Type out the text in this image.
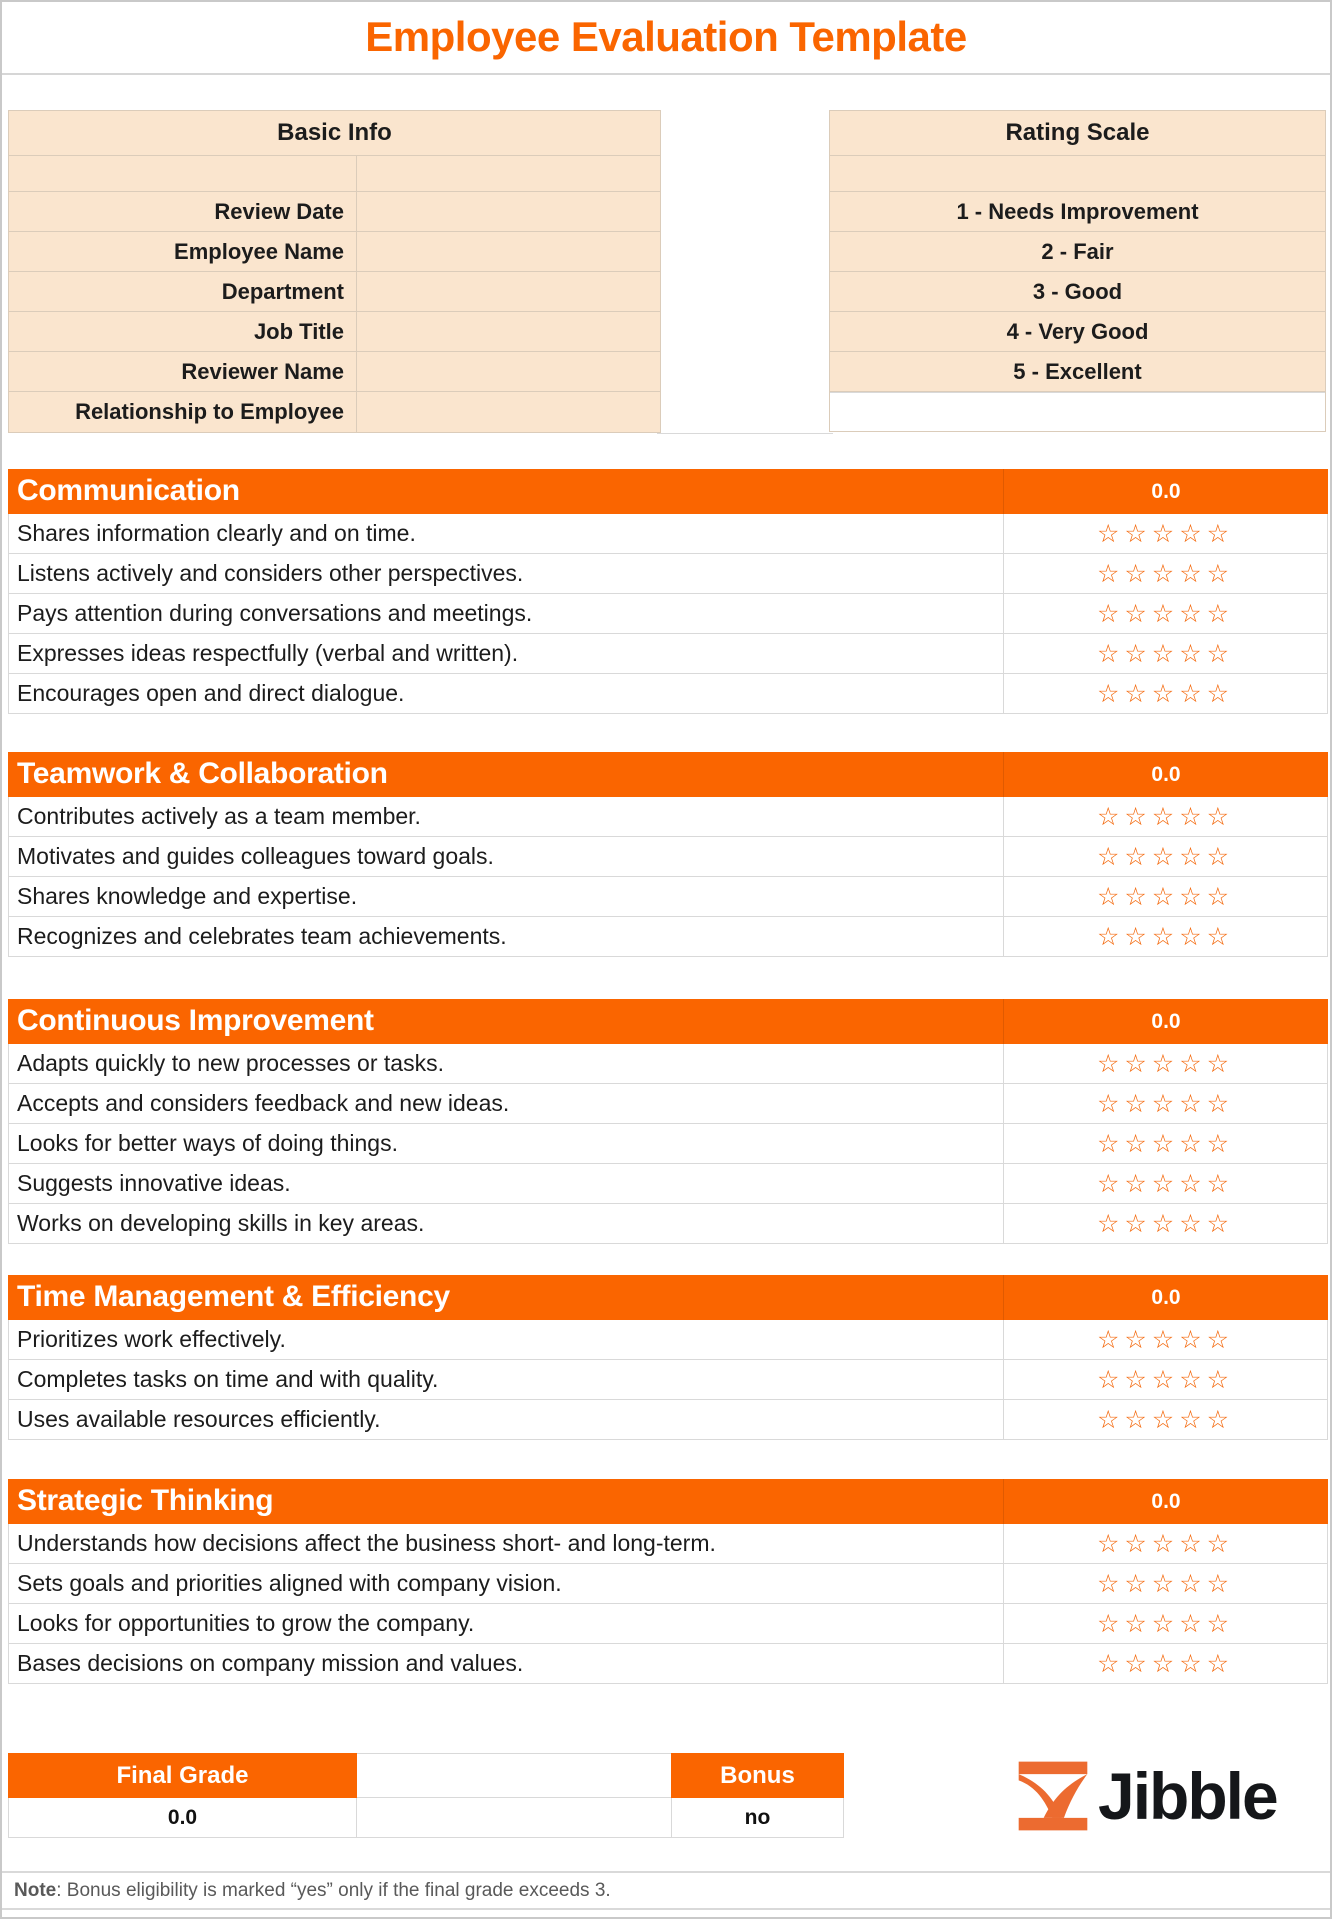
Employee Evaluation Template
Basic Info
Review Date
Employee Name
Department
Job Title
Reviewer Name
Relationship to Employee
Rating Scale
1 - Needs Improvement
2 - Fair
3 - Good
4 - Very Good
5 - Excellent
Communication	0.0
Shares information clearly and on time.	☆☆☆☆☆
Listens actively and considers other perspectives.	☆☆☆☆☆
Pays attention during conversations and meetings.	☆☆☆☆☆
Expresses ideas respectfully (verbal and written).	☆☆☆☆☆
Encourages open and direct dialogue.	☆☆☆☆☆
Teamwork & Collaboration	0.0
Contributes actively as a team member.	☆☆☆☆☆
Motivates and guides colleagues toward goals.	☆☆☆☆☆
Shares knowledge and expertise.	☆☆☆☆☆
Recognizes and celebrates team achievements.	☆☆☆☆☆
Continuous Improvement	0.0
Adapts quickly to new processes or tasks.	☆☆☆☆☆
Accepts and considers feedback and new ideas.	☆☆☆☆☆
Looks for better ways of doing things.	☆☆☆☆☆
Suggests innovative ideas.	☆☆☆☆☆
Works on developing skills in key areas.	☆☆☆☆☆
Time Management & Efficiency	0.0
Prioritizes work effectively.	☆☆☆☆☆
Completes tasks on time and with quality.	☆☆☆☆☆
Uses available resources efficiently.	☆☆☆☆☆
Strategic Thinking	0.0
Understands how decisions affect the business short- and long-term.	☆☆☆☆☆
Sets goals and priorities aligned with company vision.	☆☆☆☆☆
Looks for opportunities to grow the company.	☆☆☆☆☆
Bases decisions on company mission and values.	☆☆☆☆☆
Final Grade	Bonus
0.0	no	Jibble
Note : Bonus eligibility is marked “yes” only if the final grade exceeds 3.
